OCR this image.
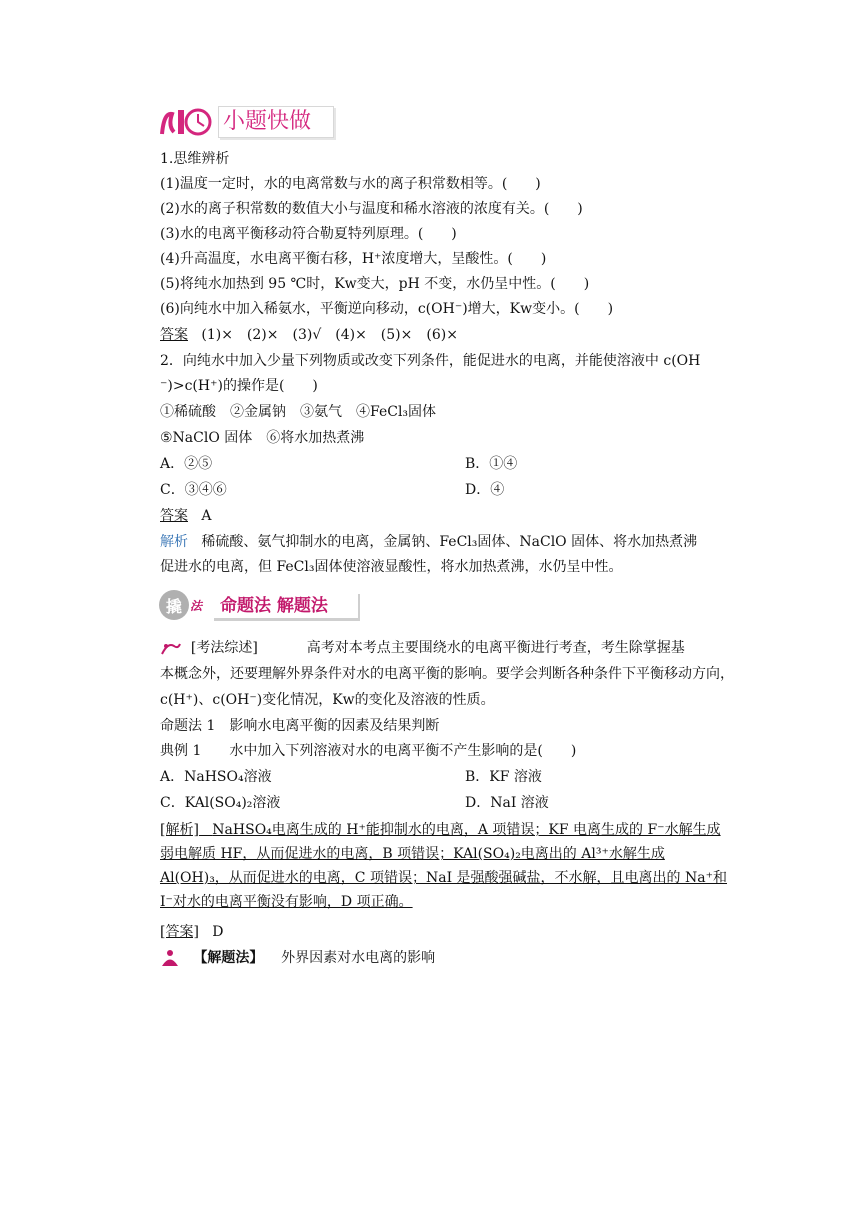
小题快做
1.思维辨析
(1)温度一定时，水的电离常数与水的离子积常数相等。(　　)
(2)水的离子积常数的数值大小与温度和稀水溶液的浓度有关。(　　)
(3)水的电离平衡移动符合勒夏特列原理。(　　)
(4)升高温度，水电离平衡右移，H⁺浓度增大，呈酸性。(　　)
(5)将纯水加热到 95 ℃时，Kw变大，pH 不变，水仍呈中性。(　　)
(6)向纯水中加入稀氨水，平衡逆向移动，c(OH⁻)增大，Kw变小。(　　)
答案 (1)×　(2)×　(3)√　(4)×　(5)×　(6)×
2．向纯水中加入少量下列物质或改变下列条件，能促进水的电离，并能使溶液中 c(OH
⁻)>c(H⁺)的操作是(　　)
①稀硫酸　②金属钠　③氨气　④FeCl₃固体
⑤NaClO 固体　⑥将水加热煮沸
A．②⑤	B．①④
C．③④⑥	D．④
答案 A
解析 稀硫酸、氨气抑制水的电离，金属钠、FeCl₃固体、NaClO 固体、将水加热煮沸
促进水的电离，但 FeCl₃固体使溶液显酸性，将水加热煮沸，水仍呈中性。
撬 法	命题法 解题法
[考法综述]	高考对本考点主要围绕水的电离平衡进行考查，考生除掌握基
本概念外，还要理解外界条件对水的电离平衡的影响。要学会判断各种条件下平衡移动方向，
c(H⁺)、c(OH⁻)变化情况，Kw的变化及溶液的性质。
命题法 1　影响水电离平衡的因素及结果判断
典例 1　　水中加入下列溶液对水的电离平衡不产生影响的是(　　)
A．NaHSO₄溶液	B．KF 溶液
C．KAl(SO₄)₂溶液	D．NaI 溶液
[解析] NaHSO₄电离生成的 H⁺能抑制水的电离，A 项错误；KF 电离生成的 F⁻水解生成弱电解质 HF，从而促进水的电离，B 项错误；KAl(SO₄)₂电离出的 Al³⁺水解生成 Al(OH)₃，从而促进水的电离，C 项错误；NaI 是强酸强碱盐，不水解，且电离出的 Na⁺和 I⁻对水的电离平衡没有影响，D 项正确。
[答案] D
【解题法】 外界因素对水电离的影响
